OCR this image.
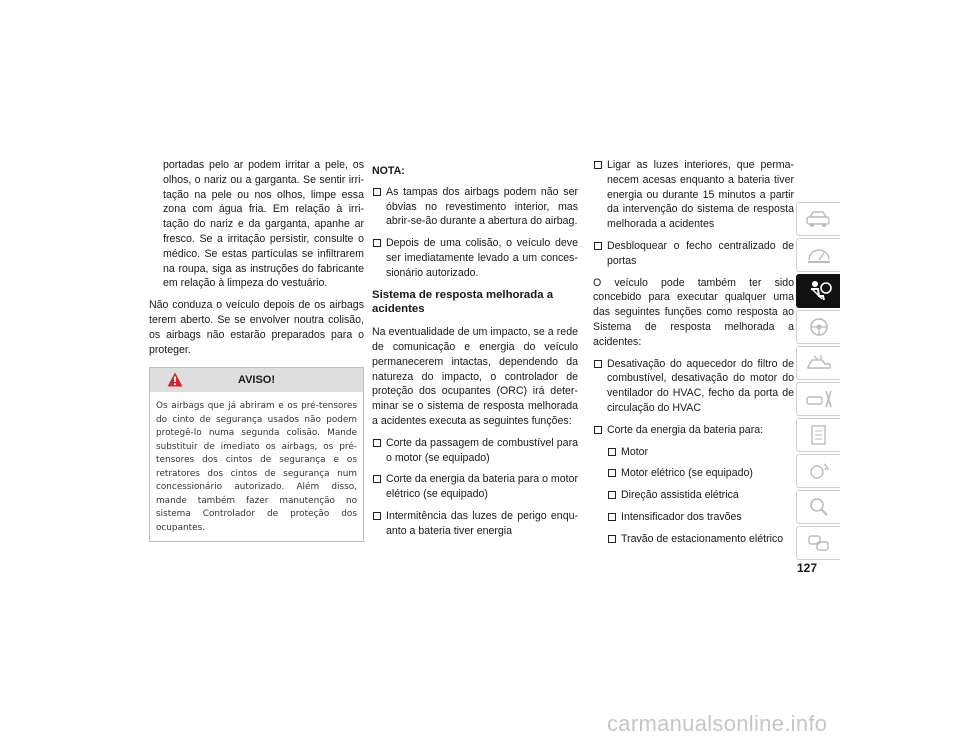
portadas pelo ar podem irritar a pele, os olhos, o nariz ou a garganta. Se sentir irri-tação na pele ou nos olhos, limpe essa zona com água fria. Em relação à irri-tação do nariz e da garganta, apanhe ar fresco. Se a irritação persistir, consulte o médico. Se estas partículas se infiltrarem na roupa, siga as instruções do fabricante em relação à limpeza do vestuário.

Não conduza o veículo depois de os airbags terem aberto. Se se envolver noutra colisão, os airbags não estarão preparados para o proteger.

AVISO!
Os airbags que já abriram e os pré-tensores do cinto de segurança usados não podem protegê-lo numa segunda colisão. Mande substituir de imediato os airbags, os pré-tensores dos cintos de segurança e os retratores dos cintos de segurança num concessionário autorizado. Além disso, mande também fazer manutenção no sistema Controlador de proteção dos ocupantes.
NOTA:
As tampas dos airbags podem não ser óbvias no revestimento interior, mas abrir-se-ão durante a abertura do airbag.
Depois de uma colisão, o veículo deve ser imediatamente levado a um conces-sionário autorizado.
Sistema de resposta melhorada a acidentes

Na eventualidade de um impacto, se a rede de comunicação e energia do veículo permanecerem intactas, dependendo da natureza do impacto, o controlador de proteção dos ocupantes (ORC) irá deter-minar se o sistema de resposta melhorada a acidentes executa as seguintes funções:

Corte da passagem de combustível para o motor (se equipado)
Corte da energia da bateria para o motor elétrico (se equipado)
Intermitência das luzes de perigo enqu-anto a bateria tiver energia
Ligar as luzes interiores, que perma-necem acesas enquanto a bateria tiver energia ou durante 15 minutos a partir da intervenção do sistema de resposta melhorada a acidentes
Desbloquear o fecho centralizado de portas

O veículo pode também ter sido concebido para executar qualquer uma das seguintes funções como resposta ao Sistema de resposta melhorada a acidentes:

Desativação do aquecedor do filtro de combustível, desativação do motor do ventilador do HVAC, fecho da porta de circulação do HVAC
Corte da energia da bateria para:
Motor
Motor elétrico (se equipado)
Direção assistida elétrica
Intensificador dos travões
Travão de estacionamento elétrico
127
carmanualsonline.info
